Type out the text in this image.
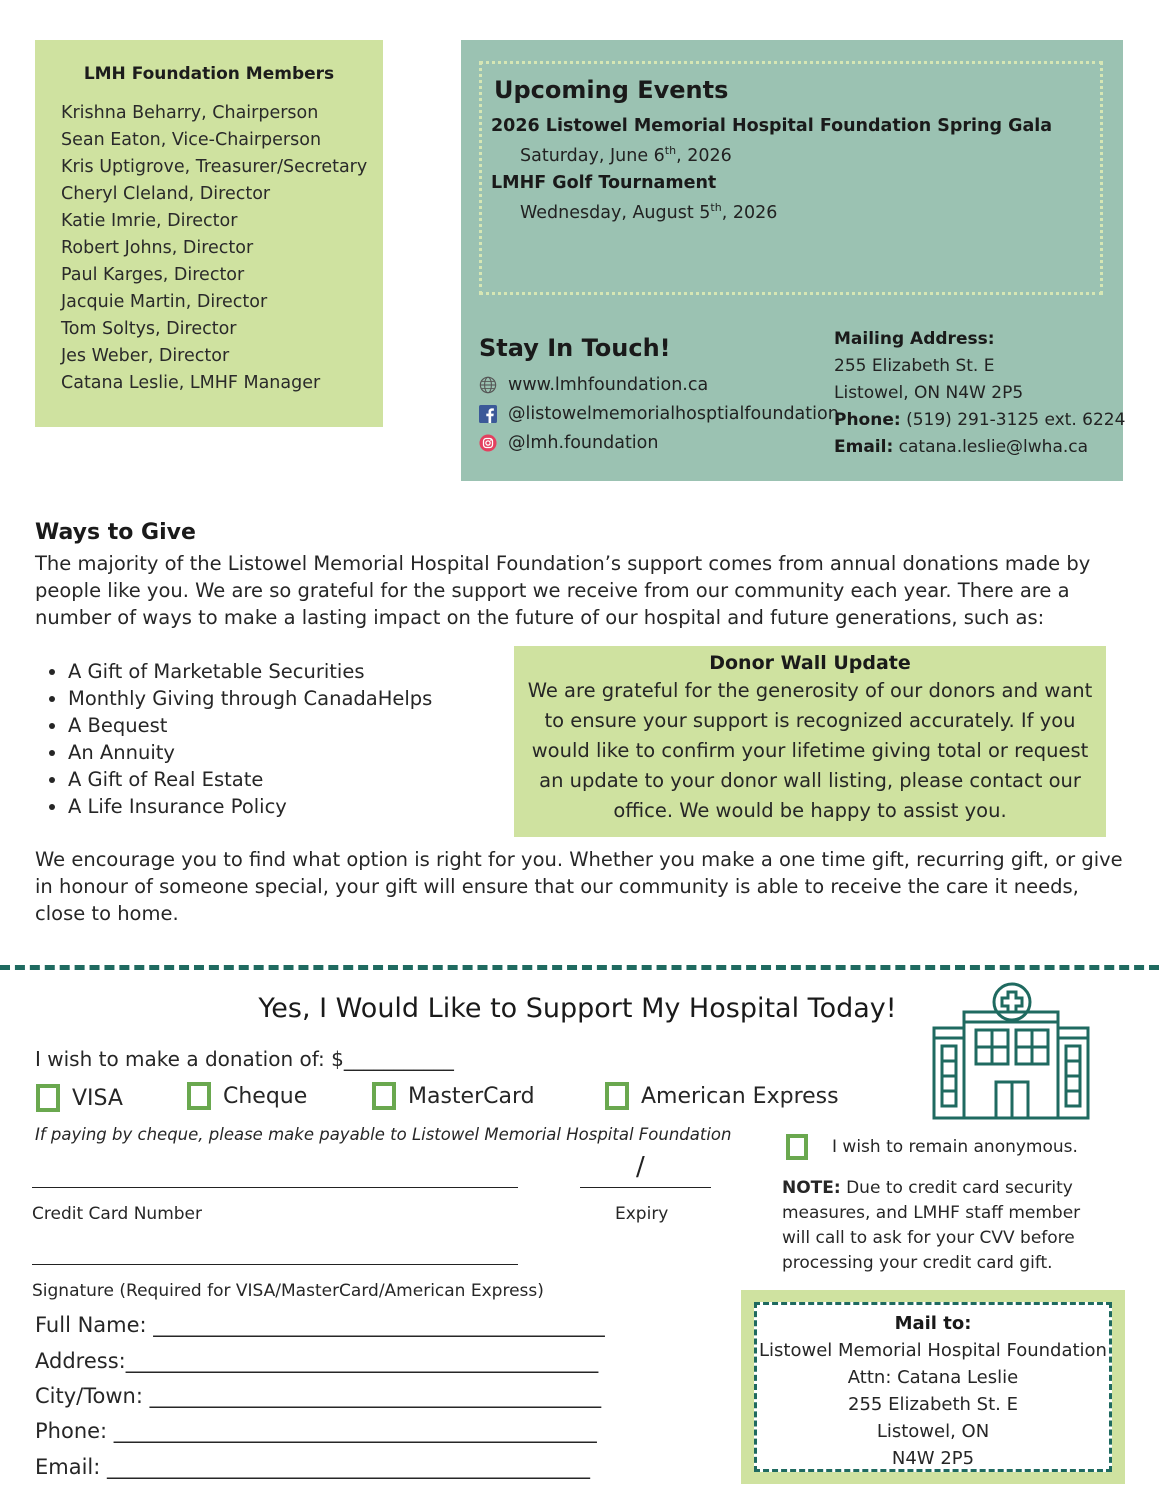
LMH Foundation Members
Krishna Beharry, Chairperson
Sean Eaton, Vice-Chairperson
Kris Uptigrove, Treasurer/Secretary
Cheryl Cleland, Director
Katie Imrie, Director
Robert Johns, Director
Paul Karges, Director
Jacquie Martin, Director
Tom Soltys, Director
Jes Weber, Director
Catana Leslie, LMHF Manager
Upcoming Events
2026 Listowel Memorial Hospital Foundation Spring Gala
Saturday, June 6th, 2026
LMHF Golf Tournament
Wednesday, August 5th, 2026
Stay In Touch!
www.lmhfoundation.ca
@listowelmemorialhosptialfoundation
@lmh.foundation
Mailing Address:
255 Elizabeth St. E
Listowel, ON N4W 2P5
Phone: (519) 291-3125 ext. 6224
Email: catana.leslie@lwha.ca
Ways to Give

The majority of the Listowel Memorial Hospital Foundation’s support comes from annual donations made by people like you. We are so grateful for the support we receive from our community each year. There are a number of ways to make a lasting impact on the future of our hospital and future generations, such as:

• A Gift of Marketable Securities
• Monthly Giving through CanadaHelps
• A Bequest
• An Annuity
• A Gift of Real Estate
• A Life Insurance Policy
Donor Wall Update

We are grateful for the generosity of our donors and want to ensure your support is recognized accurately. If you would like to confirm your lifetime giving total or request an update to your donor wall listing, please contact our office. We would be happy to assist you.

We encourage you to find what option is right for you. Whether you make a one time gift, recurring gift, or give in honour of someone special, your gift will ensure that our community is able to receive the care it needs, close to home.

Yes, I Would Like to Support My Hospital Today!
I wish to make a donation of: $___________
VISA	Cheque	MasterCard	American Express
If paying by cheque, please make payable to Listowel Memorial Hospital Foundation
/
Credit Card Number	Expiry
Signature (Required for VISA/MasterCard/American Express)
Full Name: ___________________________________________
Address:_____________________________________________
City/Town: ___________________________________________
Phone: ______________________________________________
Email: ______________________________________________
I wish to remain anonymous.

NOTE: Due to credit card security measures, and LMHF staff member will call to ask for your CVV before processing your credit card gift.

Mail to:
Listowel Memorial Hospital Foundation
Attn: Catana Leslie
255 Elizabeth St. E
Listowel, ON
N4W 2P5
